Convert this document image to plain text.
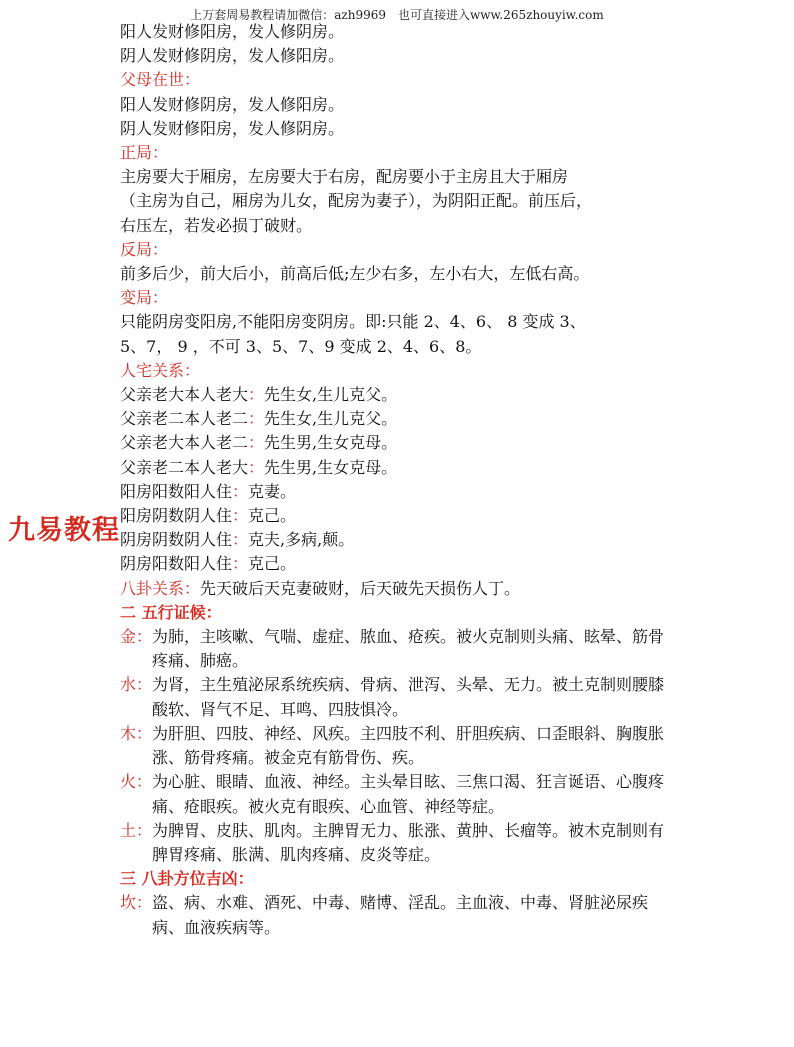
上万套周易教程请加微信：azh9969　也可直接进入www.265zhouyiw.com
九易教程
阳人发财修阳房，发人修阴房。
阴人发财修阴房，发人修阳房。
父母在世：
阳人发财修阴房，发人修阳房。
阴人发财修阳房，发人修阴房。
正局：
主房要大于厢房，左房要大于右房，配房要小于主房且大于厢房
（主房为自己，厢房为儿女，配房为妻子），为阴阳正配。前压后，
右压左，若发必损丁破财。
反局：
前多后少，前大后小，前高后低;左少右多，左小右大，左低右高。
变局：
只能阴房变阳房,不能阳房变阴房。即:只能 2、4、6、 8 变成 3、
5、7， 9 ，不可 3、5、7、9 变成 2、4、6、8。
人宅关系：
父亲老大本人老大：先生女,生儿克父。
父亲老二本人老二：先生女,生儿克父。
父亲老大本人老二：先生男,生女克母。
父亲老二本人老大：先生男,生女克母。
阳房阳数阳人住：克妻。
阳房阴数阴人住：克己。
阴房阴数阴人住：克夫,多病,颠。
阴房阳数阳人住：克己。
八卦关系：先天破后天克妻破财，后天破先天损伤人丁。
二 五行证候：
金： 为肺，主咳嗽、气喘、虚症、脓血、疮疾。被火克制则头痛、眩晕、筋骨疼痛、肺癌。
水： 为肾，主生殖泌尿系统疾病、骨病、泄泻、头晕、无力。被土克制则腰膝酸软、肾气不足、耳鸣、四肢惧冷。
木： 为肝胆、四肢、神经、风疾。主四肢不利、肝胆疾病、口歪眼斜、胸腹胀涨、筋骨疼痛。被金克有筋骨伤、疾。
火： 为心脏、眼睛、血液、神经。主头晕目眩、三焦口渴、狂言诞语、心腹疼痛、疮眼疾。被火克有眼疾、心血管、神经等症。
土： 为脾胃、皮肤、肌肉。主脾胃无力、胀涨、黄肿、长瘤等。被木克制则有脾胃疼痛、胀满、肌肉疼痛、皮炎等症。
三 八卦方位吉凶：
坎： 盗、病、水难、酒死、中毒、赌博、淫乱。主血液、中毒、肾脏泌尿疾病、血液疾病等。
